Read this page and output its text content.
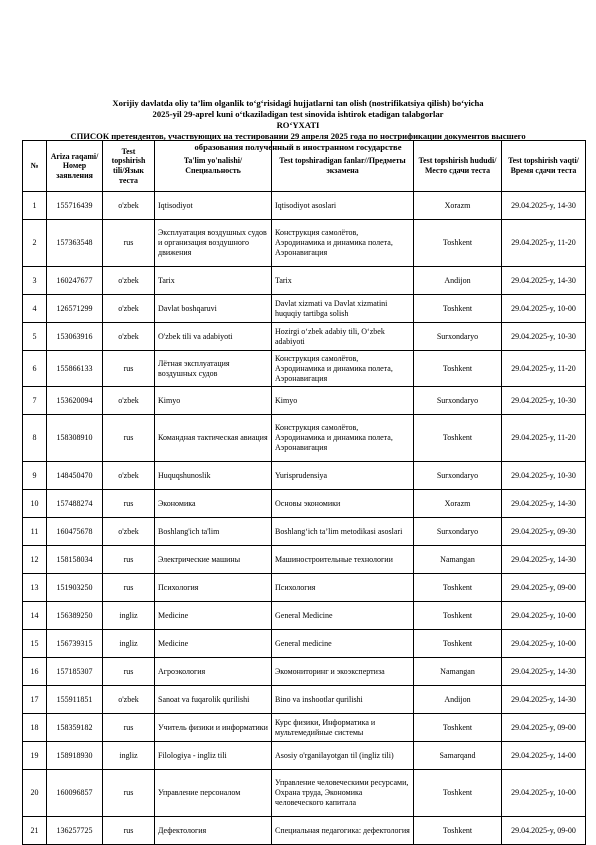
Xorijiy davlatda oliy ta’lim olganlik to‘g‘risidagi hujjatlarni tan olish (nostrifikatsiya qilish) bo‘yicha
2025-yil 29-aprel kuni o‘tkaziladigan test sinovida ishtirok etadigan talabgorlar
RO‘YXATI
СПИСОК претендентов, участвующих на тестировании 29 апреля 2025 года по нострификации документов высшего
образования полученный в иностранном государстве
№	Ariza raqami/ Номер заявления	Test topshirish tili/Язык теста	Ta'lim yo'nalishi/ Специальность	Test topshiradigan fanlar//Предметы экзамена	Test topshirish hududi/ Место сдачи теста	Test topshirish vaqti/Время сдачи теста
1	155716439	o'zbek	Iqtisodiyot	Iqtisodiyot asoslari	Xorazm	29.04.2025-y, 14-30
2	157363548	rus	Эксплуатация воздушных судов и организация воздушного движения	Конструкция самолётов, Аэродинамика и динамика полета, Аэронавигация	Toshkent	29.04.2025-y, 11-20
3	160247677	o'zbek	Tarix	Tarix	Andijon	29.04.2025-y, 14-30
4	126571299	o'zbek	Davlat boshqaruvi	Davlat xizmati va Davlat xizmatini huquqiy tartibga solish	Toshkent	29.04.2025-y, 10-00
5	153063916	o'zbek	O'zbek tili va adabiyoti	Hozirgi o‘zbek adabiy tili, O‘zbek adabiyoti	Surxondaryo	29.04.2025-y, 10-30
6	155866133	rus	Лётная эксплуатация воздушных судов	Конструкция самолётов, Аэродинамика и динамика полета, Аэронавигация	Toshkent	29.04.2025-y, 11-20
7	153620094	o'zbek	Kimyo	Kimyo	Surxondaryo	29.04.2025-y, 10-30
8	158308910	rus	Командная тактическая авиация	Конструкция самолётов, Аэродинамика и динамика полета, Аэронавигация	Toshkent	29.04.2025-y, 11-20
9	148450470	o'zbek	Huquqshunoslik	Yurisprudensiya	Surxondaryo	29.04.2025-y, 10-30
10	157488274	rus	Экономика	Основы экономики	Xorazm	29.04.2025-y, 14-30
11	160475678	o'zbek	Boshlang'ich ta'lim	Boshlang‘ich ta’lim metodikasi asoslari	Surxondaryo	29.04.2025-y, 09-30
12	158158034	rus	Электрические машины	Машиностроительные технологии	Namangan	29.04.2025-y, 14-30
13	151903250	rus	Психология	Психология	Toshkent	29.04.2025-y, 09-00
14	156389250	ingliz	Medicine	General Medicine	Toshkent	29.04.2025-y, 10-00
15	156739315	ingliz	Medicine	General medicine	Toshkent	29.04.2025-y, 10-00
16	157185307	rus	Агроэкология	Экомониторинг и экоэкспертиза	Namangan	29.04.2025-y, 14-30
17	155911851	o'zbek	Sanoat va fuqarolik qurilishi	Bino va inshootlar qurilishi	Andijon	29.04.2025-y, 14-30
18	158359182	rus	Учитель физики и информатики	Курс физики, Информатика и мультемедийные системы	Toshkent	29.04.2025-y, 09-00
19	158918930	ingliz	Filologiya - ingliz tili	Asosiy o'rganilayotgan til (ingliz tili)	Samarqand	29.04.2025-y, 14-00
20	160096857	rus	Управление персоналом	Управление человеческими ресурсами, Охрана труда, Экономика человеческого капитала	Toshkent	29.04.2025-y, 10-00
21	136257725	rus	Дефектология	Специальная педагогика: дефектология	Toshkent	29.04.2025-y, 09-00
